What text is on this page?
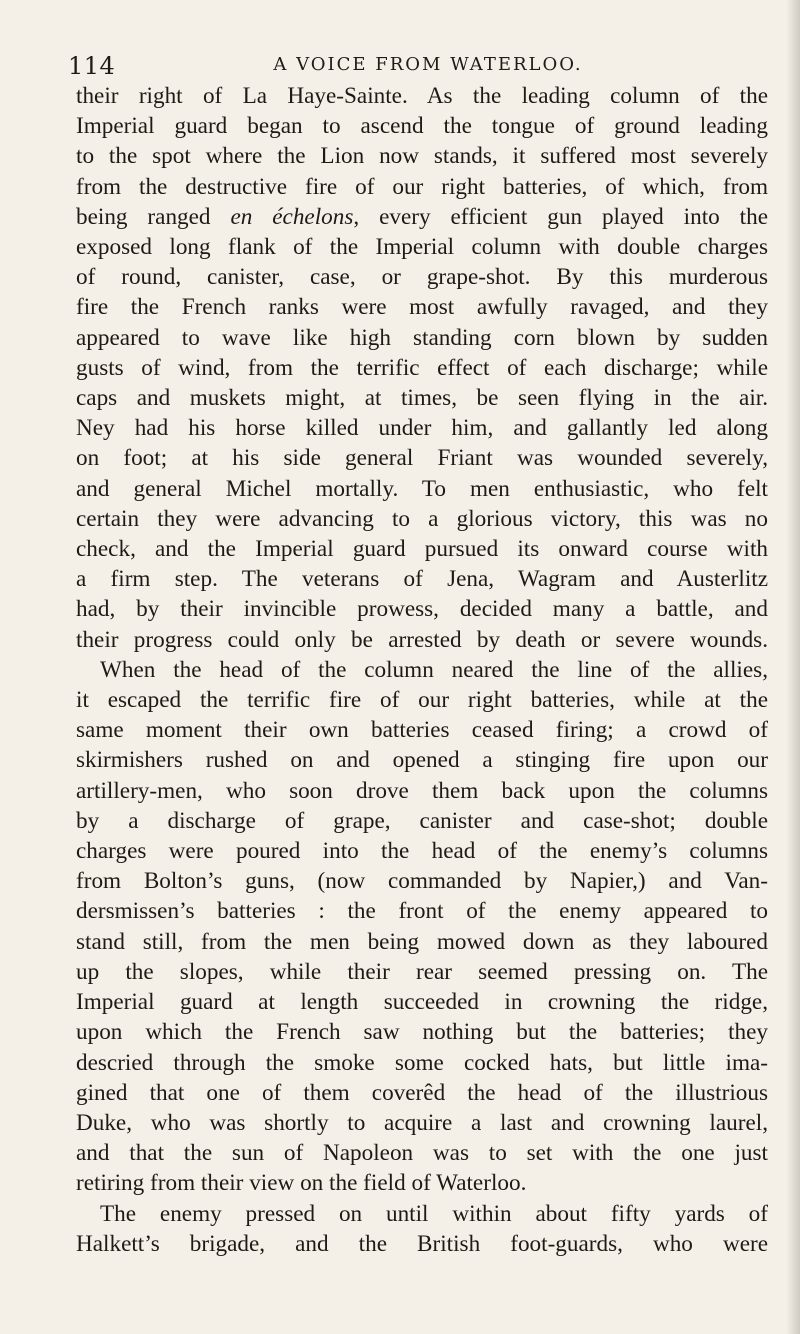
114	A VOICE FROM WATERLOO.
their right of La Haye-Sainte. As the leading column of the
Imperial guard began to ascend the tongue of ground leading
to the spot where the Lion now stands, it suffered most severely
from the destructive fire of our right batteries, of which, from
being ranged en échelons, every efficient gun played into the
exposed long flank of the Imperial column with double charges
of round, canister, case, or grape-shot. By this murderous
fire the French ranks were most awfully ravaged, and they
appeared to wave like high standing corn blown by sudden
gusts of wind, from the terrific effect of each discharge; while
caps and muskets might, at times, be seen flying in the air.
Ney had his horse killed under him, and gallantly led along
on foot; at his side general Friant was wounded severely,
and general Michel mortally. To men enthusiastic, who felt
certain they were advancing to a glorious victory, this was no
check, and the Imperial guard pursued its onward course with
a firm step. The veterans of Jena, Wagram and Austerlitz
had, by their invincible prowess, decided many a battle, and
their progress could only be arrested by death or severe wounds.
When the head of the column neared the line of the allies,
it escaped the terrific fire of our right batteries, while at the
same moment their own batteries ceased firing; a crowd of
skirmishers rushed on and opened a stinging fire upon our
artillery-men, who soon drove them back upon the columns
by a discharge of grape, canister and case-shot; double
charges were poured into the head of the enemy’s columns
from Bolton’s guns, (now commanded by Napier,) and Van-
dersmissen’s batteries : the front of the enemy appeared to
stand still, from the men being mowed down as they laboured
up the slopes, while their rear seemed pressing on. The
Imperial guard at length succeeded in crowning the ridge,
upon which the French saw nothing but the batteries; they
descried through the smoke some cocked hats, but little ima-
gined that one of them coverêd the head of the illustrious
Duke, who was shortly to acquire a last and crowning laurel,
and that the sun of Napoleon was to set with the one just
retiring from their view on the field of Waterloo.
The enemy pressed on until within about fifty yards of
Halkett’s brigade, and the British foot-guards, who were
